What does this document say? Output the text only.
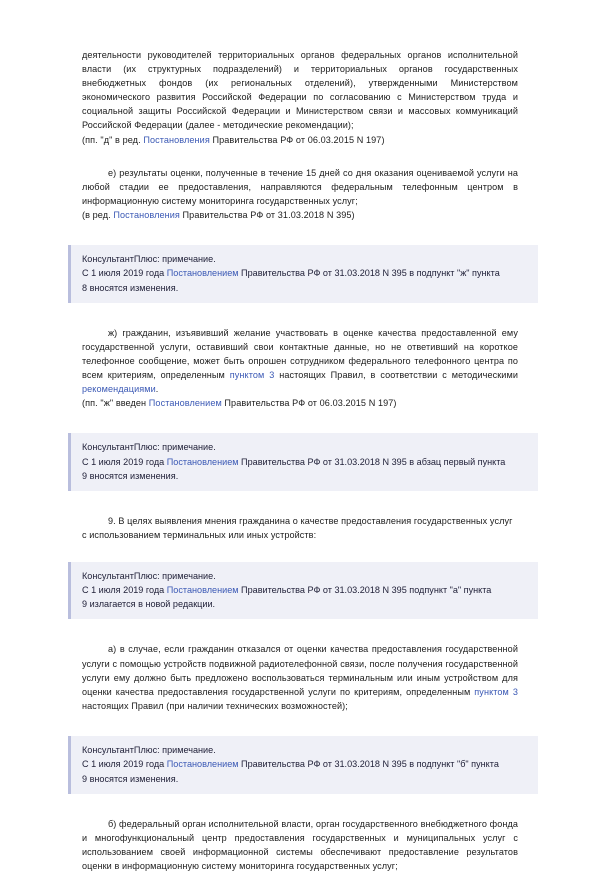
деятельности руководителей территориальных органов федеральных органов исполнительной власти (их структурных подразделений) и территориальных органов государственных внебюджетных фондов (их региональных отделений), утвержденными Министерством экономического развития Российской Федерации по согласованию с Министерством труда и социальной защиты Российской Федерации и Министерством связи и массовых коммуникаций Российской Федерации (далее - методические рекомендации);

(пп. "д" в ред. Постановления Правительства РФ от 06.03.2015 N 197)

е) результаты оценки, полученные в течение 15 дней со дня оказания оцениваемой услуги на любой стадии ее предоставления, направляются федеральным телефонным центром в информационную систему мониторинга государственных услуг;

(в ред. Постановления Правительства РФ от 31.03.2018 N 395)

КонсультантПлюс: примечание.
С 1 июля 2019 года Постановлением Правительства РФ от 31.03.2018 N 395 в подпункт "ж" пункта
8 вносятся изменения.

ж) гражданин, изъявивший желание участвовать в оценке качества предоставленной ему государственной услуги, оставивший свои контактные данные, но не ответивший на короткое телефонное сообщение, может быть опрошен сотрудником федерального телефонного центра по всем критериям, определенным пунктом 3 настоящих Правил, в соответствии с методическими рекомендациями.

(пп. "ж" введен Постановлением Правительства РФ от 06.03.2015 N 197)

КонсультантПлюс: примечание.
С 1 июля 2019 года Постановлением Правительства РФ от 31.03.2018 N 395 в абзац первый пункта
9 вносятся изменения.

9. В целях выявления мнения гражданина о качестве предоставления государственных услуг с использованием терминальных или иных устройств:

КонсультантПлюс: примечание.
С 1 июля 2019 года Постановлением Правительства РФ от 31.03.2018 N 395 подпункт "а" пункта
9 излагается в новой редакции.

а) в случае, если гражданин отказался от оценки качества предоставления государственной услуги с помощью устройств подвижной радиотелефонной связи, после получения государственной услуги ему должно быть предложено воспользоваться терминальным или иным устройством для оценки качества предоставления государственной услуги по критериям, определенным пунктом 3 настоящих Правил (при наличии технических возможностей);

КонсультантПлюс: примечание.
С 1 июля 2019 года Постановлением Правительства РФ от 31.03.2018 N 395 в подпункт "б" пункта
9 вносятся изменения.

б) федеральный орган исполнительной власти, орган государственного внебюджетного фонда и многофункциональный центр предоставления государственных и муниципальных услуг с использованием своей информационной системы обеспечивают предоставление результатов оценки в информационную систему мониторинга государственных услуг;
